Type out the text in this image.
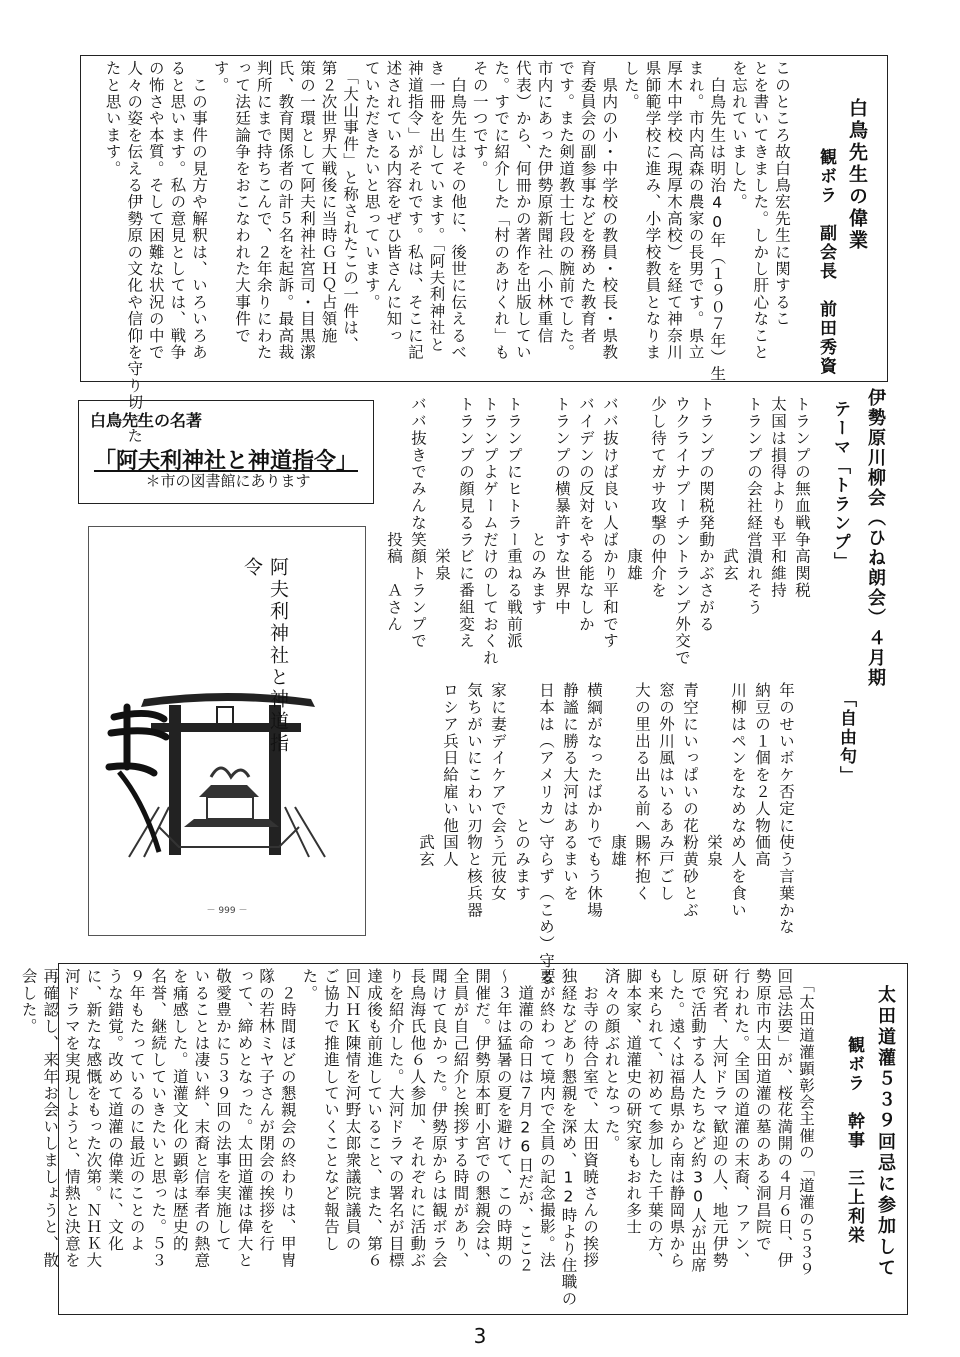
白鳥先生の偉業
観ボラ　副会長　前田秀資
このところ故白鳥宏先生に関するこ
とを書いてきました。しかし肝心なこと
を忘れていました。
　白鳥先生は明治40年（１９０７年）生
まれ。市内高森の農家の長男です。県立
厚木中学校（現厚木高校）を経て神奈川
県師範学校に進み、小学校教員となりま
した。
　県内の小・中学校の教員・校長・県教
育委員会の副参事などを務めた教育者
です。また剣道教士七段の腕前でした。
市内にあった伊勢原新聞社（小林重信
代表）から、何冊かの著作を出版してい
た。すでに紹介した「村のあけくれ」も
その一つです。
　白鳥先生はその他に、後世に伝えるべ
き一冊を出しています。「阿夫利神社と
神道指令」がそれです。私は、そこに記
述されている内容をぜひ皆さんに知っ
ていただきたいと思っています。
　「大山事件」と称されたこの一件は、
第２次世界大戦後に当時ＧＨＱ占領施
策の一環として阿夫利神社宮司・目黒潔
氏、教育関係者の計５名を起訴。最高裁
判所にまで持ちこんで、２年余りにわた
って法廷論争をおこなわれた大事件で
す。
　この事件の見方や解釈は、いろいろあ
ると思います。私の意見としては、戦争
の怖さや本質。そして困難な状況の中で
人々の姿を伝える伊勢原の文化や信仰を守り切った
たと思います。
白鳥先生の名著
「阿夫利神社と神道指令」
＊市の図書館にあります
阿夫利神社と神道指令
－ 999 －
伊勢原川柳会（ひね朗会）４月期
テーマ「トランプ」
トランプの無血戦争高関税
太国は損得よりも平和維持
トランプの会社経営潰れそう
　　　　　　　　　武玄
トランプの関税発動かぶさがる
ウクライナプーチントランプ外交で
少し待てガサ攻撃の仲介を
　　　　　　　　　康雄
ババ抜けば良い人ばかり平和です
バイデンの反対をやる能なしか
トランプの横暴許すな世界中
　　　　　　　　とのみます
トランプにヒトラー重ねる戦前派
トランプよゲームだけのしておくれ
トランプの顔見るラビに番組変え
　　　　　　　　　栄泉
ババ抜きでみんな笑顔トランプで
　　　　　　　　投稿　Ａさん
「自由句」
年のせいボケ否定に使う言葉かな
納豆の１個を２人物価高
川柳はペンをなめなめ人を食い
　　　　　　　　　栄泉
青空にいっぱいの花粉黄砂とぶ
窓の外川風はいるあみ戸ごし
大の里出る出る前へ賜杯抱く
　　　　　　　　　康雄
横綱がなったばかりでもう休場
静謐に勝る大河はあるまいを
日本は（アメリカ）守らず（こめ）守る
　　　　　　　　とのみます
家に妻デイケアで会う元彼女
気ちがいにこわい刃物と核兵器
ロシア兵日給雇い他国人
　　　　　　　　　武玄
太田道灌５３９回忌に参加して
観ボラ　幹事　三上利栄
　「太田道灌顕彰会主催の「道灌の５３９
回忌法要」が、桜花満開の４月６日、伊
勢原市内太田道灌の墓のある洞昌院で
行われた。全国の道灌の末裔、ファン、
研究者、大河ドラマ歓迎の人、地元伊勢
原で活動する人たちなど約30人が出席
した。遠くは福島県から南は静岡県から
も来られて、初めて参加した千葉の方、
脚本家、道灌史の研究家もおれ多士
済々の顔ぶれとなった。
　お寺の待合室で、太田資暁さんの挨拶
独経などあり懇親を深め、12時より住職の
要が終わって境内で全員の記念撮影。法
　道灌の命日は７月26日だが、ここ２
～３年は猛暑の夏を避けて、この時期の
開催だ。伊勢原本町小宮での懇親会は、
全員が自己紹介と挨拶する時間があり、
聞けて良かった。伊勢原からは観ボラ会
長鳥海氏他６人参加、それぞれに活動ぶ
りを紹介した。大河ドラマの署名が目標
達成後も前進していること、また、第６
回ＮＨＫ陳情を河野太郎衆議院議員の
ご協力で推進していくことなど報告し
た。
　２時間ほどの懇親会の終わりは、甲冑
隊の若林ミヤ子さんが閉会の挨拶を行
って、締めとなった。太田道灌は偉大と
敬愛豊かに５３９回の法事を実施して
いることは凄い絆、末裔と信奉者の熱意
を痛感した。道灌文化の顕彰は歴史的
名誉、継続していきたいと思った。５３
９年もたっているのに最近のことのよ
うな錯覚。改めて道灌の偉業に、文化
に、新たな感慨をもった次第。ＮＨＫ大
河ドラマを実現しようと、情熱と決意を
再確認し、来年お会いしましょうと、散
会した。
3
